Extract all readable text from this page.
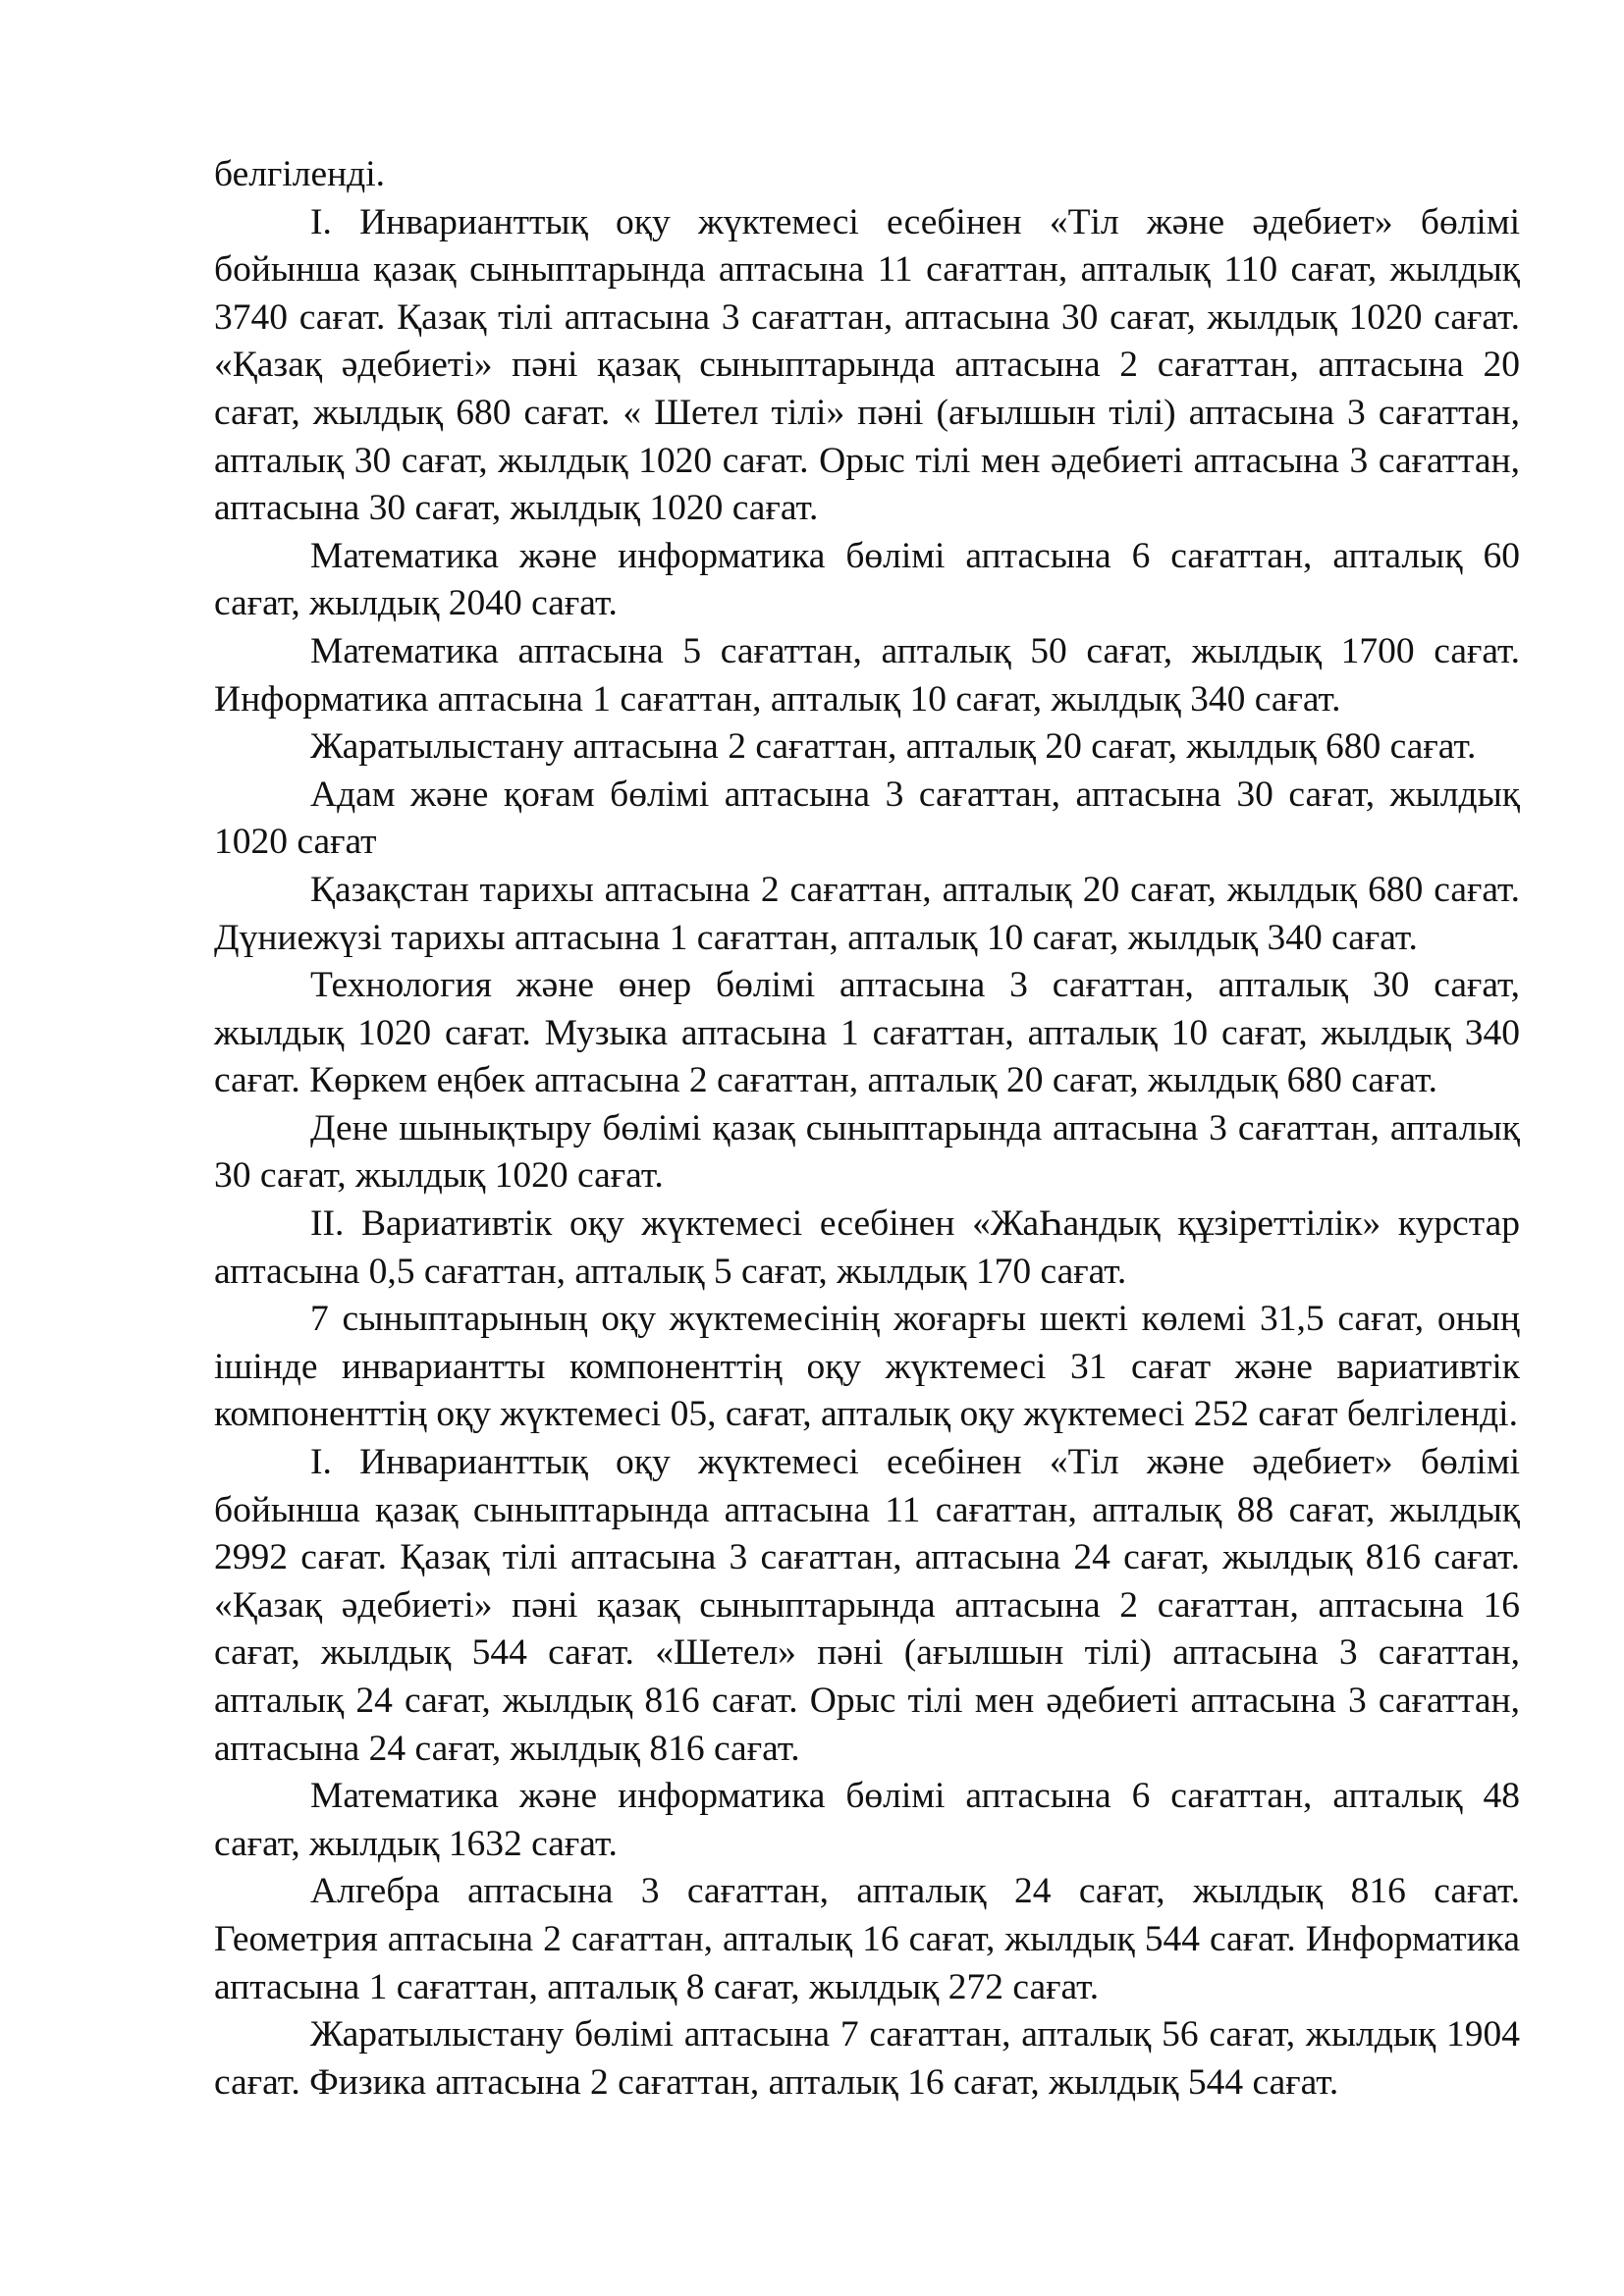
белгіленді.

I. Инварианттық оқу жүктемесі есебінен «Тіл және әдебиет» бөлімі бойынша қазақ сыныптарында аптасына 11 сағаттан, апталық 110 сағат, жылдық 3740 сағат. Қазақ тілі аптасына 3 сағаттан, аптасына 30 сағат, жылдық 1020 сағат. «Қазақ әдебиеті» пәні қазақ сыныптарында аптасына 2 сағаттан, аптасына 20 сағат, жылдық 680 сағат. « Шетел тілі» пәні (ағылшын тілі) аптасына 3 сағаттан, апталық 30 сағат, жылдық 1020 сағат. Орыс тілі мен әдебиеті аптасына 3 сағаттан, аптасына 30 сағат, жылдық 1020 сағат.

Математика және информатика бөлімі аптасына 6 сағаттан, апталық 60 сағат, жылдық 2040 сағат.

Математика аптасына 5 сағаттан, апталық 50 сағат, жылдық 1700 сағат. Информатика аптасына 1 сағаттан, апталық 10 сағат, жылдық 340 сағат.

Жаратылыстану аптасына 2 сағаттан, апталық 20 сағат, жылдық 680 сағат.

Адам және қоғам бөлімі аптасына 3 сағаттан, аптасына 30 сағат, жылдық 1020 сағат

Қазақстан тарихы аптасына 2 сағаттан, апталық 20 сағат, жылдық 680 сағат. Дүниежүзі тарихы аптасына 1 сағаттан, апталық 10 сағат, жылдық 340 сағат.

Технология және өнер бөлімі аптасына 3 сағаттан, апталық 30 сағат, жылдық 1020 сағат. Музыка аптасына 1 сағаттан, апталық 10 сағат, жылдық 340 сағат. Көркем еңбек аптасына 2 сағаттан, апталық 20 сағат, жылдық 680 сағат.

Дене шынықтыру бөлімі қазақ сыныптарында аптасына 3 сағаттан, апталық 30 сағат, жылдық 1020 сағат.

II. Вариативтік оқу жүктемесі есебінен «ЖаҺандық құзіреттілік» курстар аптасына 0,5 сағаттан, апталық 5 сағат, жылдық 170 сағат.

7 сыныптарының оқу жүктемесінің жоғарғы шекті көлемі 31,5 сағат, оның ішінде инвариантты компоненттің оқу жүктемесі 31 сағат және вариативтік компоненттің оқу жүктемесі 05, сағат, апталық оқу жүктемесі 252 сағат белгіленді.

I. Инварианттық оқу жүктемесі есебінен «Тіл және әдебиет» бөлімі бойынша қазақ сыныптарында аптасына 11 сағаттан, апталық 88 сағат, жылдық 2992 сағат. Қазақ тілі аптасына 3 сағаттан, аптасына 24 сағат, жылдық 816 сағат. «Қазақ әдебиеті» пәні қазақ сыныптарында аптасына 2 сағаттан, аптасына 16 сағат, жылдық 544 сағат. «Шетел» пәні (ағылшын тілі) аптасына 3 сағаттан, апталық 24 сағат, жылдық 816 сағат. Орыс тілі мен әдебиеті аптасына 3 сағаттан, аптасына 24 сағат, жылдық 816 сағат.

Математика және информатика бөлімі аптасына 6 сағаттан, апталық 48 сағат, жылдық 1632 сағат.

Алгебра аптасына 3 сағаттан, апталық 24 сағат, жылдық 816 сағат. Геометрия аптасына 2 сағаттан, апталық 16 сағат, жылдық 544 сағат. Информатика аптасына 1 сағаттан, апталық 8 сағат, жылдық 272 сағат.

Жаратылыстану бөлімі аптасына 7 сағаттан, апталық 56 сағат, жылдық 1904 сағат. Физика аптасына 2 сағаттан, апталық 16 сағат, жылдық 544 сағат.
